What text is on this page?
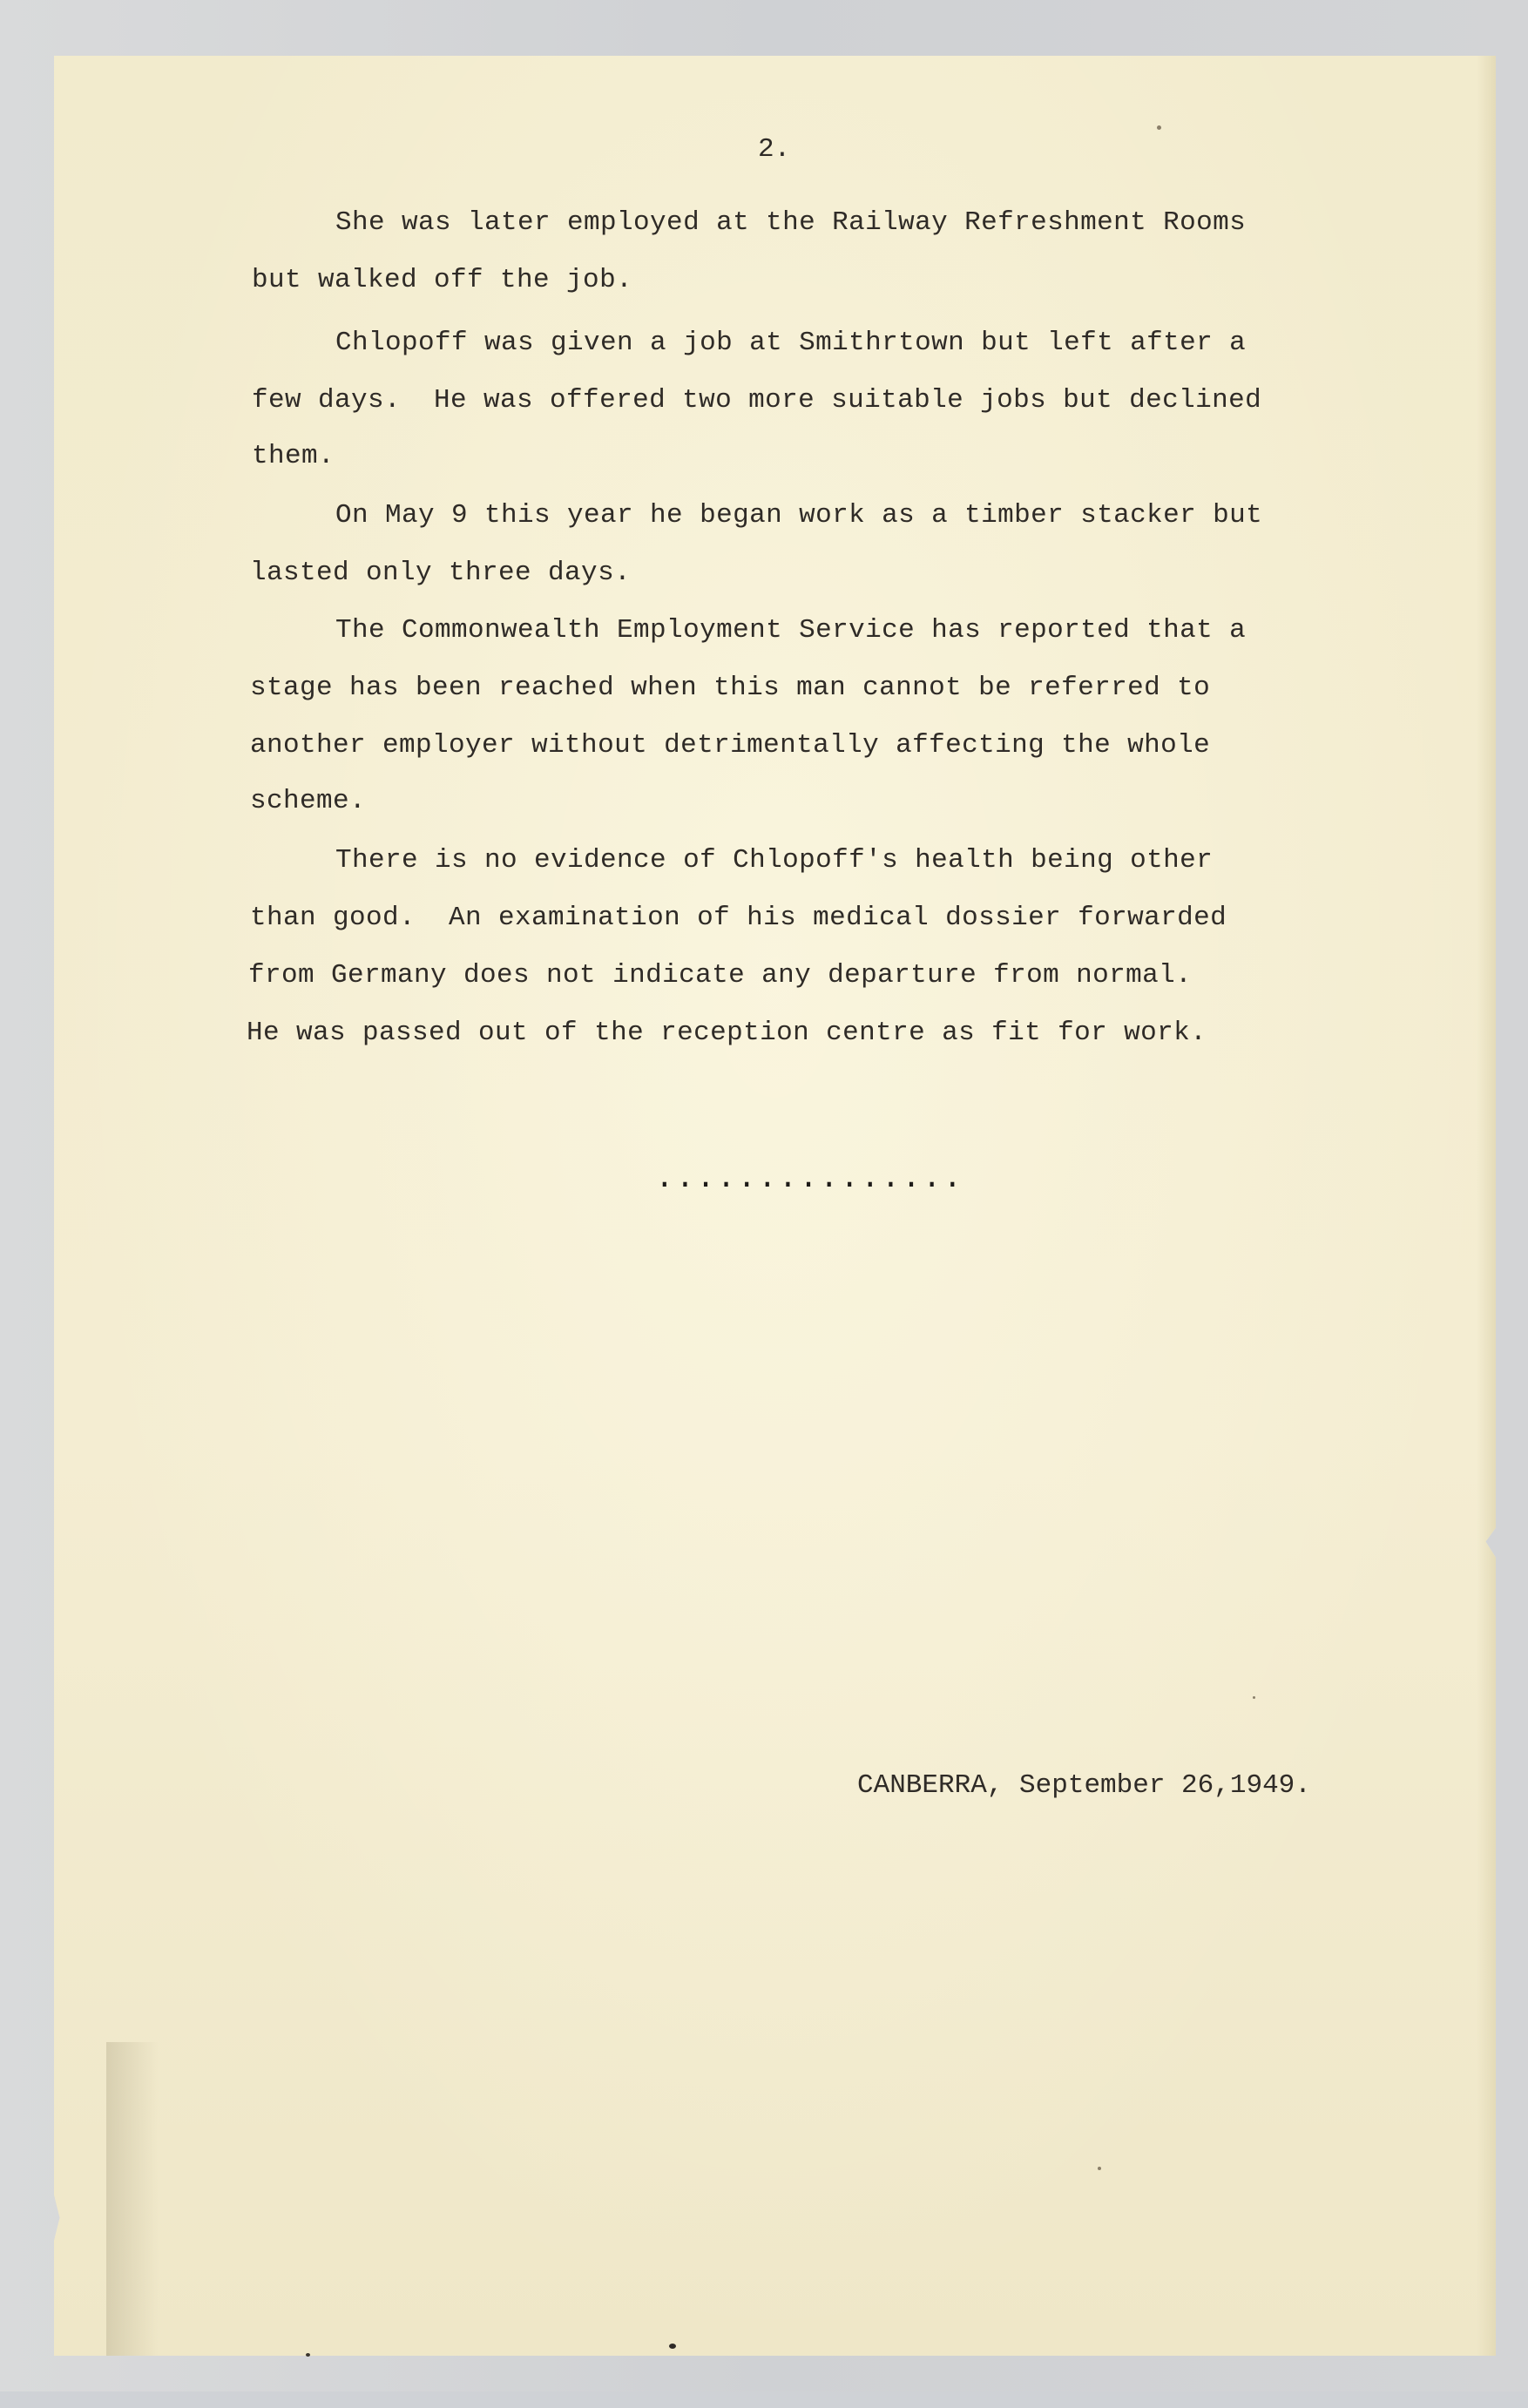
2.

She was later employed at the Railway Refreshment Rooms

but walked off the job.

Chlopoff was given a job at Smithrtown but left after a

few days.  He was offered two more suitable jobs but declined

them.

On May 9 this year he began work as a timber stacker but

lasted only three days.

The Commonwealth Employment Service has reported that a

stage has been reached when this man cannot be referred to

another employer without detrimentally affecting the whole

scheme.

There is no evidence of Chlopoff's health being other

than good.  An examination of his medical dossier forwarded

from Germany does not indicate any departure from normal.

He was passed out of the reception centre as fit for work.

...............
CANBERRA, September 26,1949.
